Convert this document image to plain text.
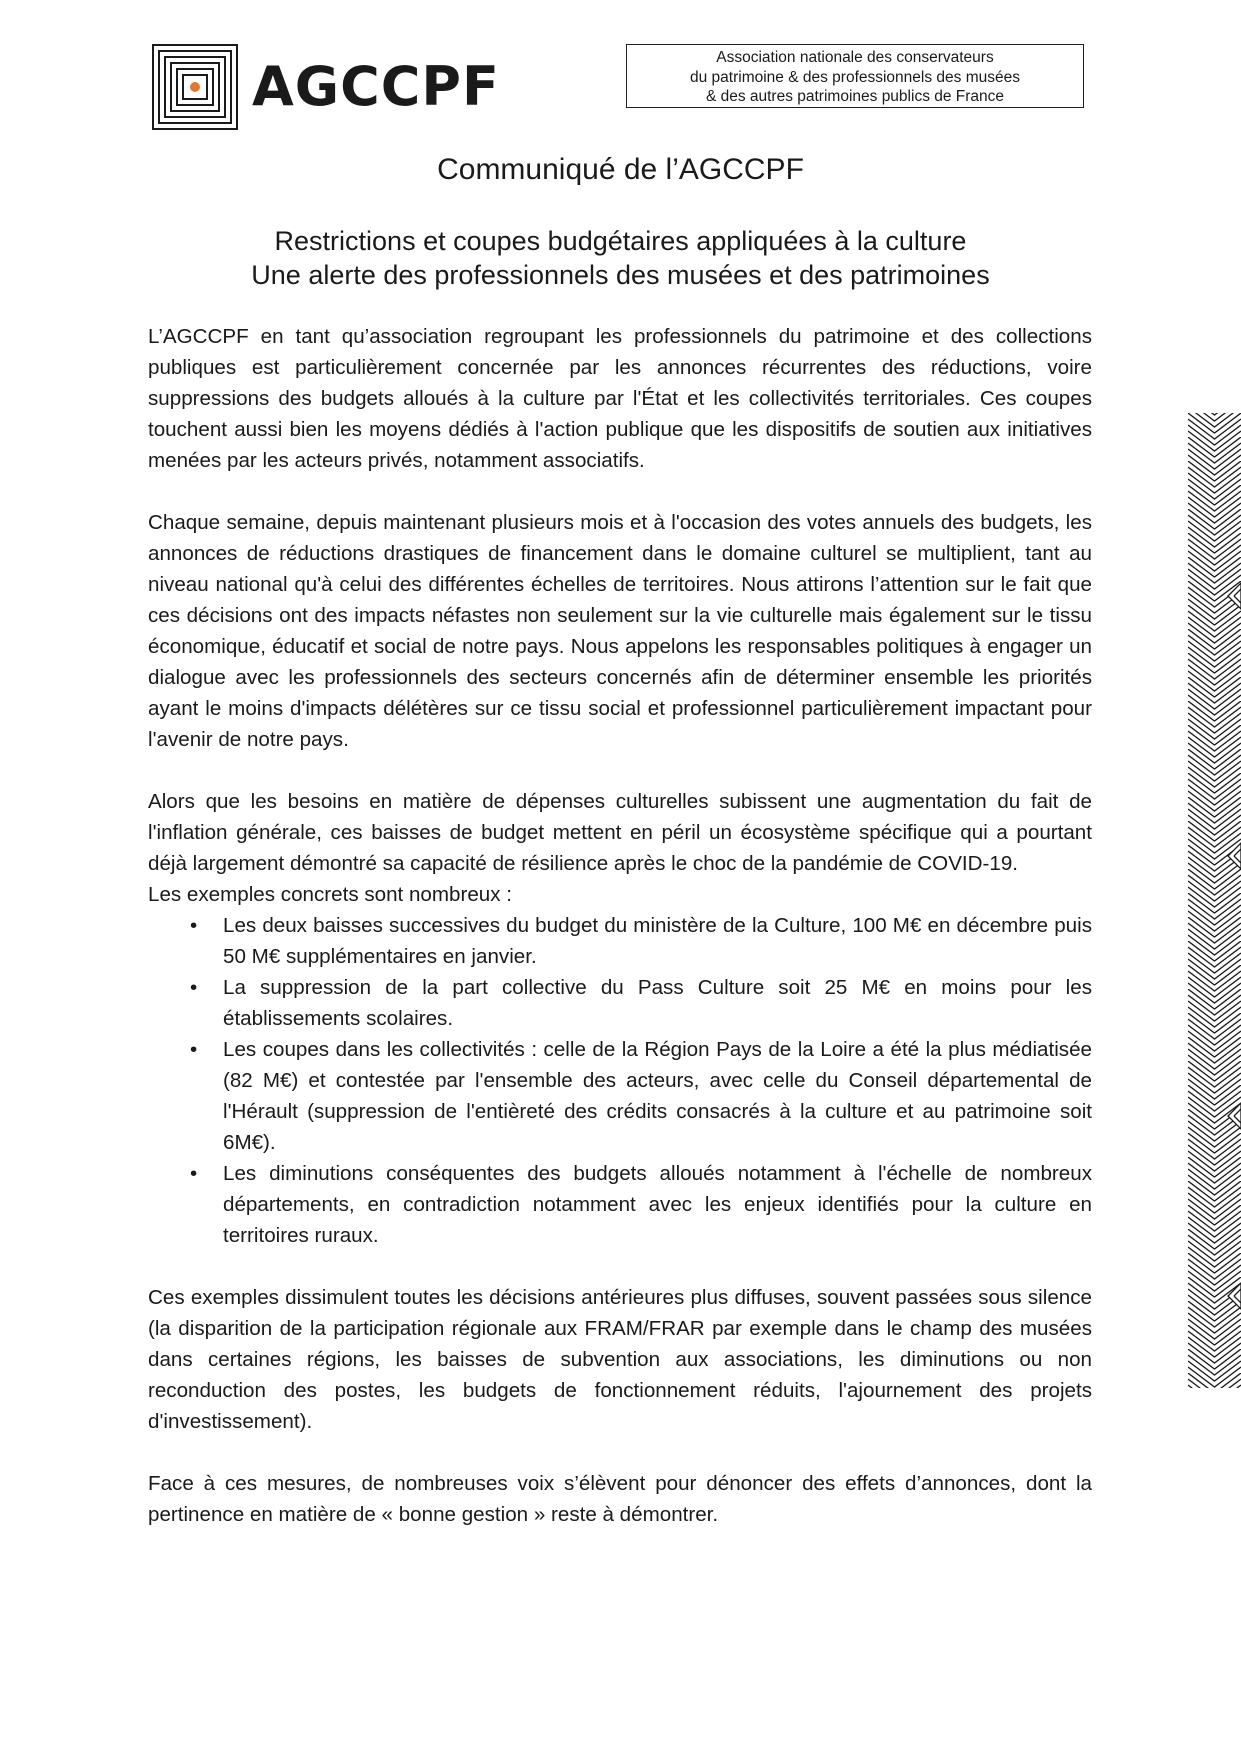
AGCCPF	Association nationale des conservateurs
du patrimoine & des professionnels des musées
& des autres patrimoines publics de France
Communiqué de l’AGCCPF
Restrictions et coupes budgétaires appliquées à la culture
Une alerte des professionnels des musées et des patrimoines

L’AGCCPF en tant qu’association regroupant les professionnels du patrimoine et des collections publiques est particulièrement concernée par les annonces récurrentes des réductions, voire suppressions des budgets alloués à la culture par l'État et les collectivités territoriales. Ces coupes touchent aussi bien les moyens dédiés à l'action publique que les dispositifs de soutien aux initiatives menées par les acteurs privés, notamment associatifs.

Chaque semaine, depuis maintenant plusieurs mois et à l'occasion des votes annuels des budgets, les annonces de réductions drastiques de financement dans le domaine culturel se multiplient, tant au niveau national qu'à celui des différentes échelles de territoires. Nous attirons l’attention sur le fait que ces décisions ont des impacts néfastes non seulement sur la vie culturelle mais également sur le tissu économique, éducatif et social de notre pays. Nous appelons les responsables politiques à engager un dialogue avec les professionnels des secteurs concernés afin de déterminer ensemble les priorités ayant le moins d'impacts délétères sur ce tissu social et professionnel particulièrement impactant pour l'avenir de notre pays.

Alors que les besoins en matière de dépenses culturelles subissent une augmentation du fait de l'inflation générale, ces baisses de budget mettent en péril un écosystème spécifique qui a pourtant déjà largement démontré sa capacité de résilience après le choc de la pandémie de COVID-19.

Les exemples concrets sont nombreux :

• Les deux baisses successives du budget du ministère de la Culture, 100 M€ en décembre puis 50 M€ supplémentaires en janvier.
• La suppression de la part collective du Pass Culture soit 25 M€ en moins pour les établissements scolaires.
• Les coupes dans les collectivités : celle de la Région Pays de la Loire a été la plus médiatisée (82 M€) et contestée par l'ensemble des acteurs, avec celle du Conseil départemental de l'Hérault (suppression de l'entièreté des crédits consacrés à la culture et au patrimoine soit 6M€).
• Les diminutions conséquentes des budgets alloués notamment à l'échelle de nombreux départements, en contradiction notamment avec les enjeux identifiés pour la culture en territoires ruraux.

Ces exemples dissimulent toutes les décisions antérieures plus diffuses, souvent passées sous silence (la disparition de la participation régionale aux FRAM/FRAR par exemple dans le champ des musées dans certaines régions, les baisses de subvention aux associations, les diminutions ou non reconduction des postes, les budgets de fonctionnement réduits, l'ajournement des projets d'investissement).

Face à ces mesures, de nombreuses voix s’élèvent pour dénoncer des effets d’annonces, dont la pertinence en matière de « bonne gestion » reste à démontrer.
